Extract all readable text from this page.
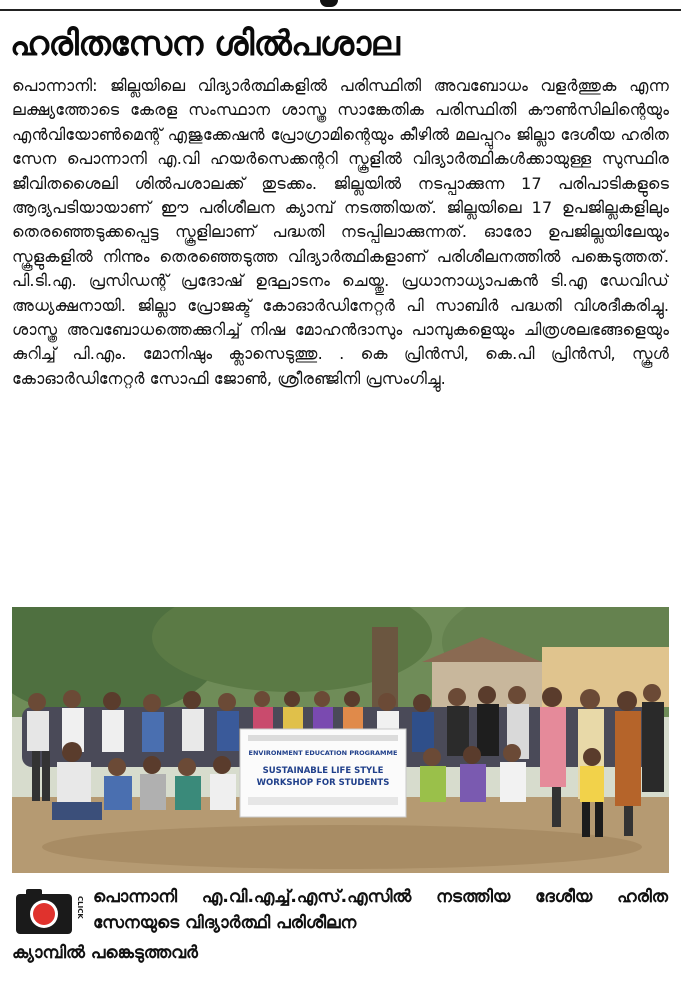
ഹരിതസേന ശിൽപശാല

പൊന്നാനി: ജില്ലയിലെ വിദ്യാർത്ഥികളിൽ പരിസ്ഥിതി അവബോധം വളർത്തുക എന്ന ലക്ഷ്യത്തോടെ കേരള സംസ്ഥാന ശാസ്ത്ര സാങ്കേതിക പരിസ്ഥിതി കൗൺസിലിന്റെയും എൻവിയോൺമെന്റ് എജുക്കേഷൻ പ്രോഗ്രാമിന്റെയും കീഴിൽ മലപ്പുറം ജില്ലാ ദേശീയ ഹരിത സേന പൊന്നാനി എ.വി ഹയർസെക്കന്ററി സ്കൂളിൽ വിദ്യാർത്ഥികൾക്കായുള്ള സുസ്ഥിര ജീവിതശൈലി ശിൽപശാലക്ക് തുടക്കം. ജില്ലയിൽ നടപ്പാക്കുന്ന 17 പരിപാടികളുടെ ആദ്യപടിയായാണ് ഈ പരിശീലന ക്യാമ്പ് നടത്തിയത്. ജില്ലയിലെ 17 ഉപജില്ലകളിലും തെരഞ്ഞെടുക്കപ്പെട്ട സ്കൂളിലാണ് പദ്ധതി നടപ്പിലാക്കുന്നത്. ഓരോ ഉപജില്ലയിലേയും സ്കൂളുകളിൽ നിന്നും തെരഞ്ഞെടുത്ത വിദ്യാർത്ഥികളാണ് പരിശീലനത്തിൽ പങ്കെടുത്തത്. പി.ടി.എ. പ്രസിഡന്റ് പ്രദോഷ് ഉദ്ഘാടനം ചെയ്തു. പ്രധാനാധ്യാപകൻ ടി.എ ഡേവിഡ് അധ്യക്ഷനായി. ജില്ലാ പ്രോജക്ട് കോഓർഡിനേറ്റർ പി സാബിർ പദ്ധതി വിശദീകരിച്ചു. ശാസ്ത്ര അവബോധത്തെക്കുറിച്ച് നിഷ മോഹൻദാസും പാമ്പുകളെയും ചിത്രശലഭങ്ങളെയും കുറിച്ച് പി.എം. മോനിഷും ക്ലാസെടുത്തു. . കെ പ്രിൻസി, കെ.പി പ്രിൻസി, സ്കൂൾ കോഓർഡിനേറ്റർ സോഫി ജോൺ, ശ്രീരഞ്ജിനി പ്രസംഗിച്ചു.

ENVIRONMENT EDUCATION PROGRAMME
SUSTAINABLE LIFE STYLE
WORKSHOP FOR STUDENTS
CLICK പൊന്നാനി എ.വി.എച്ച്.എസ്.എസിൽ നടത്തിയ ദേശീയ ഹരിത സേനയുടെ വിദ്യാർത്ഥി പരിശീലന

ക്യാമ്പിൽ പങ്കെടുത്തവർ
